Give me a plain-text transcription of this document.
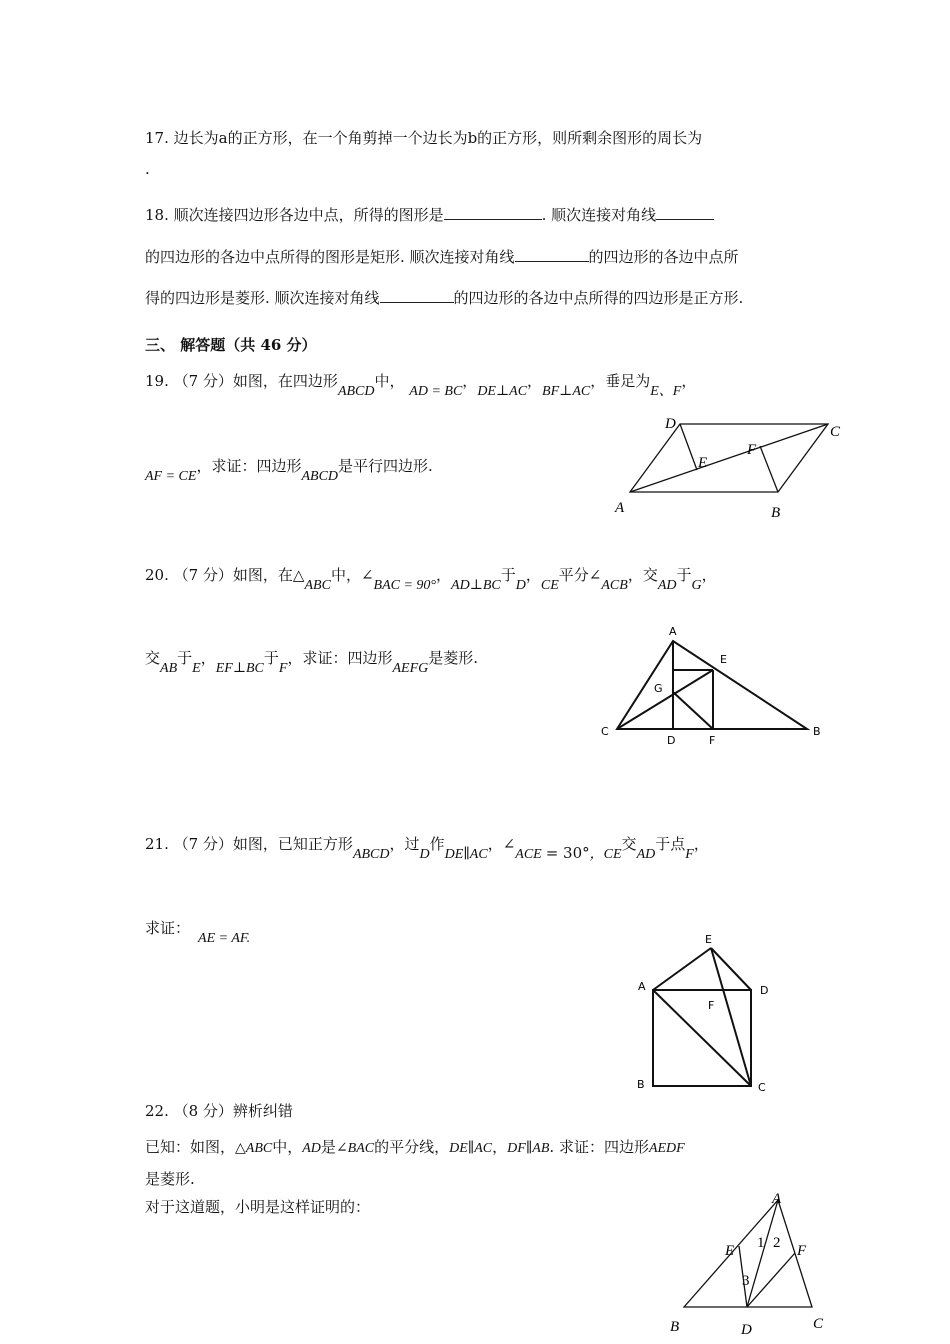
17. 边长为a的正方形，在一个角剪掉一个边长为b的正方形，则所剩余图形的周长为
.
18. 顺次连接四边形各边中点，所得的图形是	. 顺次连接对角线
的四边形的各边中点所得的图形是矩形. 顺次连接对角线	的四边形的各边中点所
得的四边形是菱形. 顺次连接对角线	的四边形的各边中点所得的四边形是正方形.
三、 解答题（共 46 分）
19. （7 分）如图，在四边形ABCD中， AD = BC，DE⊥AC，BF⊥AC，垂足为E、F，
AF = CE，求证：四边形ABCD是平行四边形.
D	C
E
F
A	B
20. （7 分）如图，在△ABC中，∠BAC = 90°，AD⊥BC于D，CE平分∠ACB，交AD于G，
交AB于E，EF⊥BC于F，求证：四边形AEFG是菱形.
A
E
G
C
D	F
B
21. （7 分）如图，已知正方形ABCD，过D作DE∥AC，∠ACE = 30°，CE交AD于点F，
求证：AE = AF.	E
A	D
F
B	C
22. （8 分）辨析纠错
已知：如图，△ABC中，AD是∠BAC的平分线，DE∥AC，DF∥AB. 求证：四边形AEDF
是菱形.
对于这道题，小明是这样证明的：	A
E 1 2 F
3
B	D	C
